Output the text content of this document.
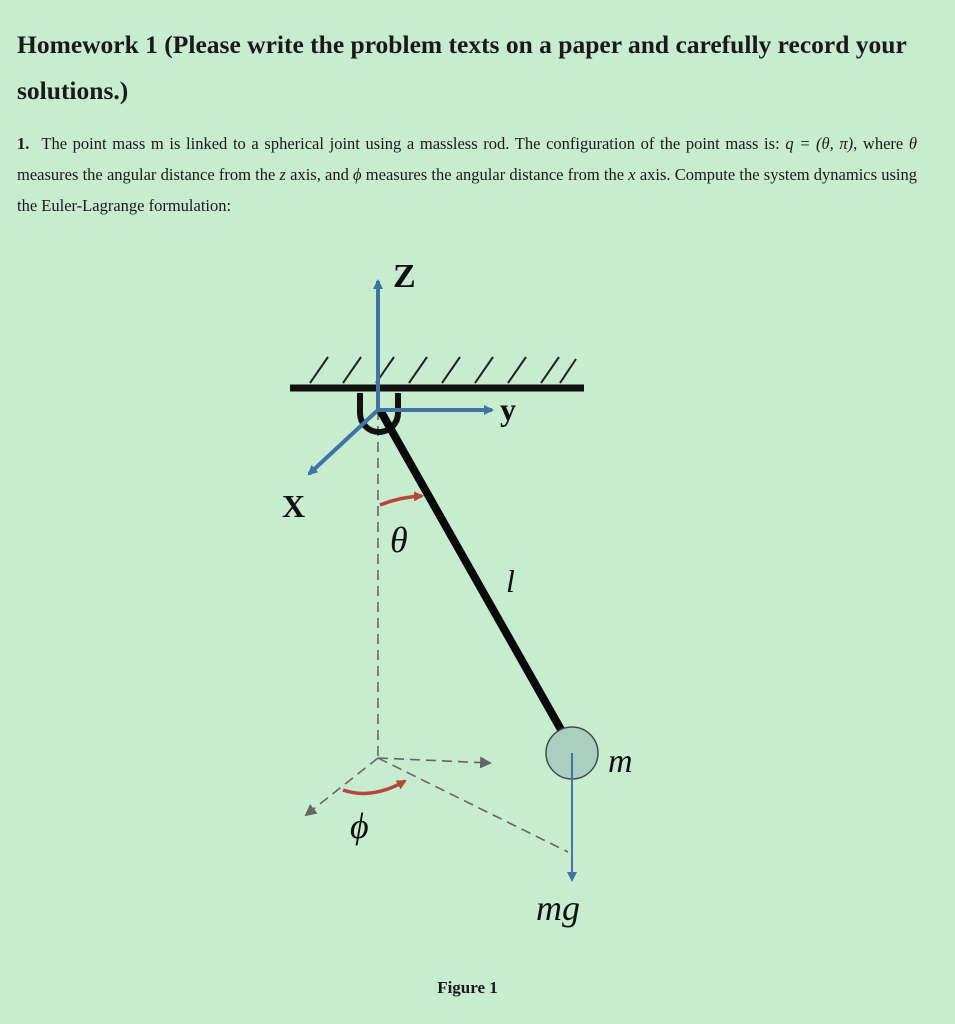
Homework 1 (Please write the problem texts on a paper and carefully record your solutions.)

1. The point mass m is linked to a spherical joint using a massless rod. The configuration of the point mass is: q = (θ, π), where θ measures the angular distance from the z axis, and ϕ measures the angular distance from the x axis. Compute the system dynamics using the Euler-Lagrange formulation:

Z
y
X
θ
l
m
ϕ
mg
Figure 1
